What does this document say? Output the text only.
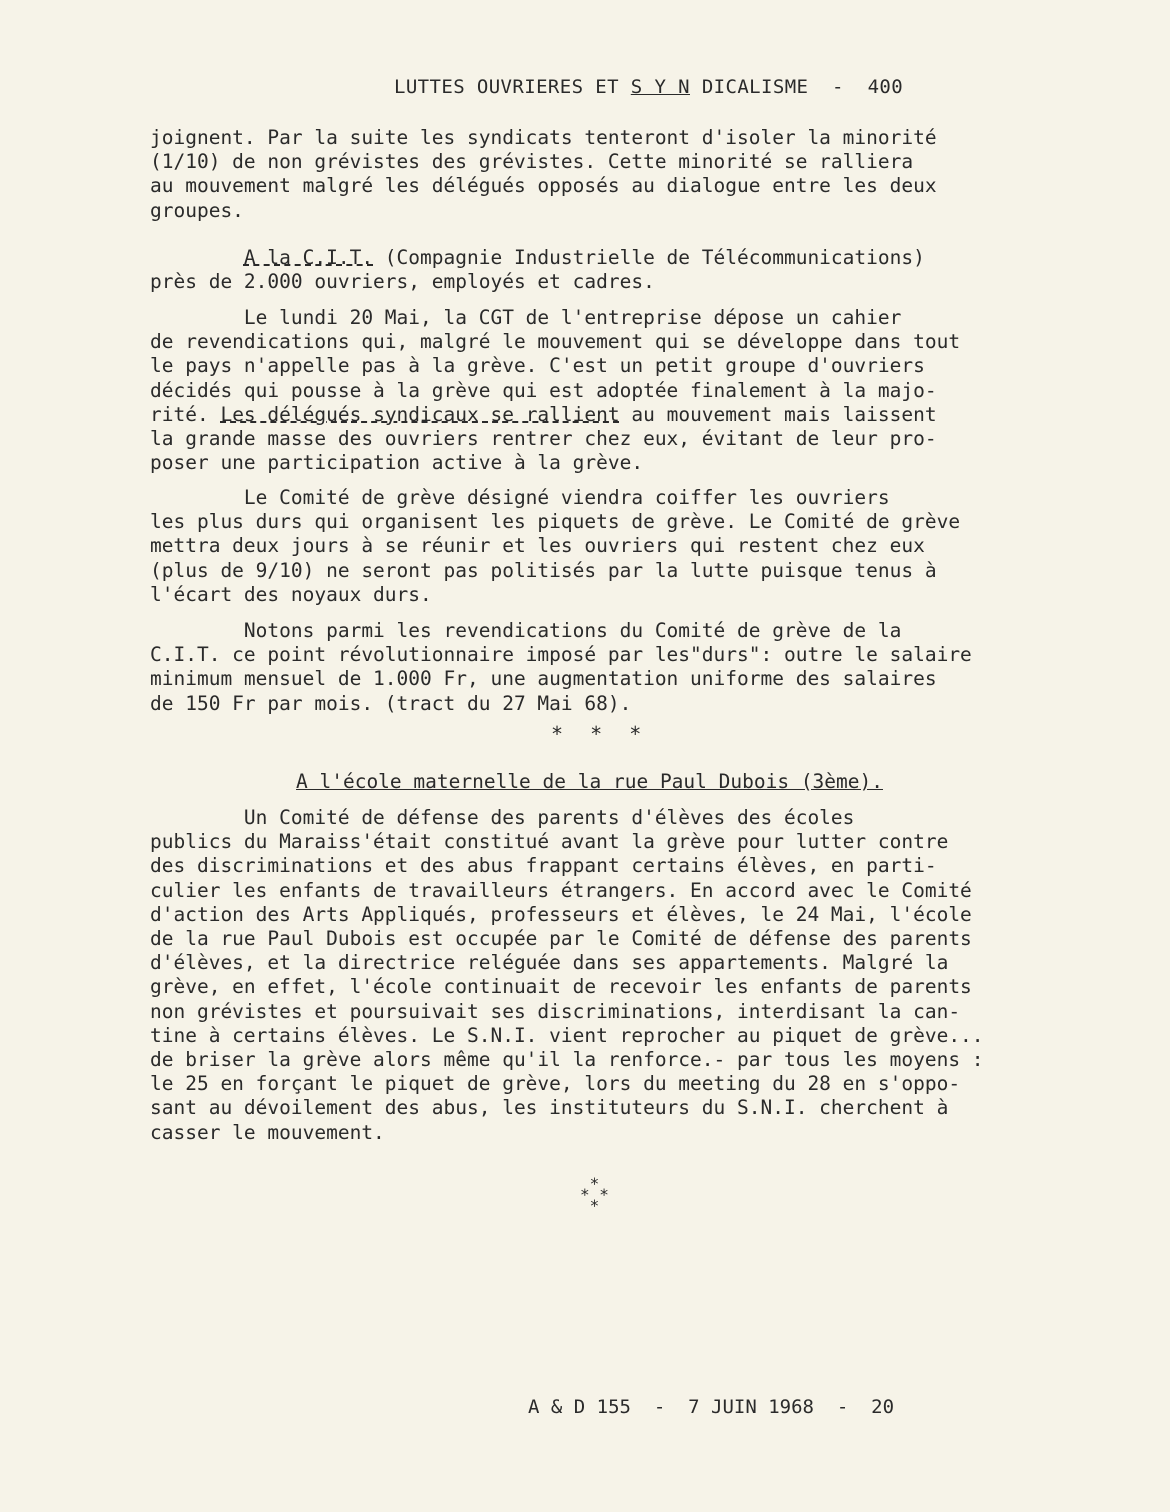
LUTTES OUVRIERES ET S Y N DICALISME  -  400
joignent. Par la suite les syndicats tenteront d'isoler la minorité
(1/10) de non grévistes des grévistes. Cette minorité se ralliera
au mouvement malgré les délégués opposés au dialogue entre les deux
groupes.
A la C.I.T. (Compagnie Industrielle de Télécommunications)
près de 2.000 ouvriers, employés et cadres.
Le lundi 20 Mai, la CGT de l'entreprise dépose un cahier
de revendications qui, malgré le mouvement qui se développe dans tout
le pays n'appelle pas à la grève. C'est un petit groupe d'ouvriers
décidés qui pousse à la grève qui est adoptée finalement à la majo-
rité. Les délégués syndicaux se rallient au mouvement mais laissent
la grande masse des ouvriers rentrer chez eux, évitant de leur pro-
poser une participation active à la grève.
Le Comité de grève désigné viendra coiffer les ouvriers
les plus durs qui organisent les piquets de grève. Le Comité de grève
mettra deux jours à se réunir et les ouvriers qui restent chez eux
(plus de 9/10) ne seront pas politisés par la lutte puisque tenus à
l'écart des noyaux durs.
Notons parmi les revendications du Comité de grève de la
C.I.T. ce point révolutionnaire imposé par les"durs": outre le salaire
minimum mensuel de 1.000 Fr, une augmentation uniforme des salaires
de 150 Fr par mois. (tract du 27 Mai 68).
*  *  *
A l'école maternelle de la rue Paul Dubois (3ème).
Un Comité de défense des parents d'élèves des écoles
publics du Maraiss'était constitué avant la grève pour lutter contre
des discriminations et des abus frappant certains élèves, en parti-
culier les enfants de travailleurs étrangers. En accord avec le Comité
d'action des Arts Appliqués, professeurs et élèves, le 24 Mai, l'école
de la rue Paul Dubois est occupée par le Comité de défense des parents
d'élèves, et la directrice reléguée dans ses appartements. Malgré la
grève, en effet, l'école continuait de recevoir les enfants de parents
non grévistes et poursuivait ses discriminations, interdisant la can-
tine à certains élèves. Le S.N.I. vient reprocher au piquet de grève...
de briser la grève alors même qu'il la renforce.- par tous les moyens :
le 25 en forçant le piquet de grève, lors du meeting du 28 en s'oppo-
sant au dévoilement des abus, les instituteurs du S.N.I. cherchent à
casser le mouvement.
*
* *
*
A & D 155  -  7 JUIN 1968  -  20
